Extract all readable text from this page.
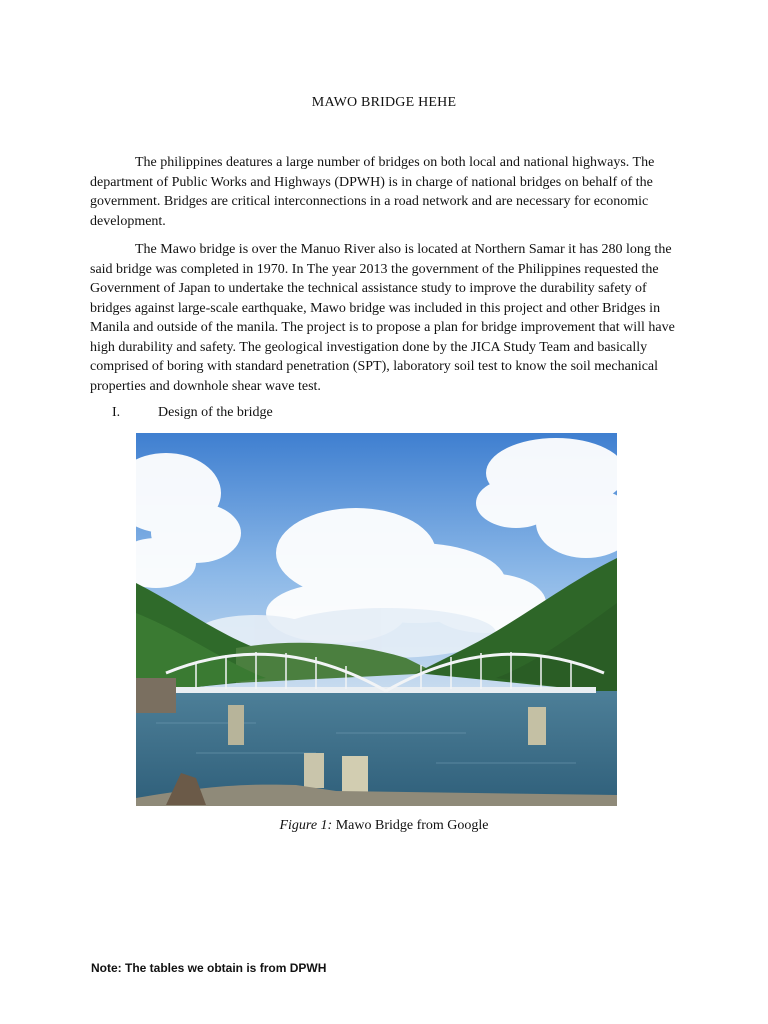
MAWO BRIDGE HEHE

The philippines deatures a large number of bridges on both local and national highways. The department of Public Works and Highways (DPWH) is in charge of national bridges on behalf of the government. Bridges are critical interconnections in a road network and are necessary for economic development.

The Mawo bridge is over the Manuo River also is located at Northern Samar it has 280 long the said bridge was completed in 1970. In The year 2013 the government of the Philippines requested the Government of Japan to undertake the technical assistance study to improve the durability safety of bridges against large-scale earthquake, Mawo bridge was included in this project and other Bridges in Manila and outside of the manila. The project is to propose a plan for bridge improvement that will have high durability and safety. The geological investigation done by the JICA Study Team and basically comprised of boring with standard penetration (SPT), laboratory soil test to know the soil mechanical properties and downhole shear wave test.

I.	Design of the bridge
Figure 1: Mawo Bridge from Google
Note: The tables we obtain is from DPWH
